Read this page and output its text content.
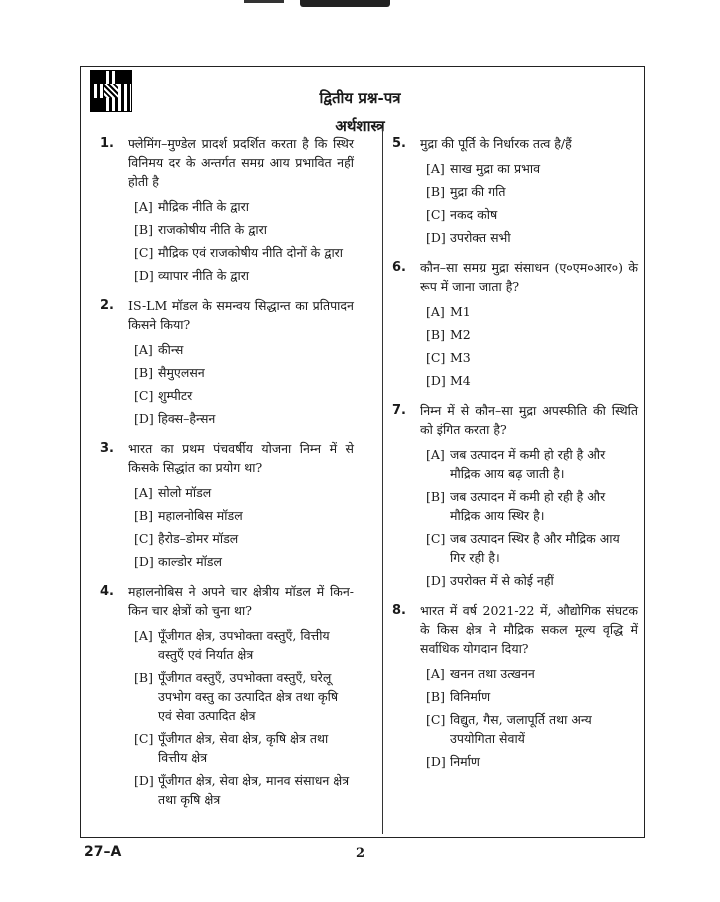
द्वितीय प्रश्न-पत्र
अर्थशास्त्र
1. फ्लेमिंग–मुण्डेल प्रादर्श प्रदर्शित करता है कि स्थिर विनिमय दर के अन्तर्गत समग्र आय प्रभावित नहीं होती है
[A] मौद्रिक नीति के द्वारा
[B] राजकोषीय नीति के द्वारा
[C] मौद्रिक एवं राजकोषीय नीति दोनों के द्वारा
[D] व्यापार नीति के द्वारा
2. IS-LM मॉडल के समन्वय सिद्धान्त का प्रतिपादन किसने किया?
[A] कीन्स
[B] सैमुएलसन
[C] शुम्पीटर
[D] हिक्स–हैन्सन
3. भारत का प्रथम पंचवर्षीय योजना निम्न में से किसके सिद्धांत का प्रयोग था?
[A] सोलो मॉडल
[B] महालनोबिस मॉडल
[C] हैरोड–डोमर मॉडल
[D] काल्डोर मॉडल
4. महालनोबिस ने अपने चार क्षेत्रीय मॉडल में किन-किन चार क्षेत्रों को चुना था?
[A] पूँजीगत क्षेत्र, उपभोक्ता वस्तुएँ, वित्तीय वस्तुएँ एवं निर्यात क्षेत्र
[B] पूँजीगत वस्तुएँ, उपभोक्ता वस्तुएँ, घरेलू उपभोग वस्तु का उत्पादित क्षेत्र तथा कृषि एवं सेवा उत्पादित क्षेत्र
[C] पूँजीगत क्षेत्र, सेवा क्षेत्र, कृषि क्षेत्र तथा वित्तीय क्षेत्र
[D] पूँजीगत क्षेत्र, सेवा क्षेत्र, मानव संसाधन क्षेत्र तथा कृषि क्षेत्र
5. मुद्रा की पूर्ति के निर्धारक तत्व है/हैं
[A] साख मुद्रा का प्रभाव
[B] मुद्रा की गति
[C] नकद कोष
[D] उपरोक्त सभी
6. कौन–सा समग्र मुद्रा संसाधन (ए०एम०आर०) के रूप में जाना जाता है?
[A] M1
[B] M2
[C] M3
[D] M4
7. निम्न में से कौन–सा मुद्रा अपस्फीति की स्थिति को इंगित करता है?
[A] जब उत्पादन में कमी हो रही है और मौद्रिक आय बढ़ जाती है।
[B] जब उत्पादन में कमी हो रही है और मौद्रिक आय स्थिर है।
[C] जब उत्पादन स्थिर है और मौद्रिक आय गिर रही है।
[D] उपरोक्त में से कोई नहीं
8. भारत में वर्ष 2021-22 में, औद्योगिक संघटक के किस क्षेत्र ने मौद्रिक सकल मूल्य वृद्धि में सर्वाधिक योगदान दिया?
[A] खनन तथा उत्खनन
[B] विनिर्माण
[C] विद्युत, गैस, जलापूर्ति तथा अन्य उपयोगिता सेवायें
[D] निर्माण
27–A	2
